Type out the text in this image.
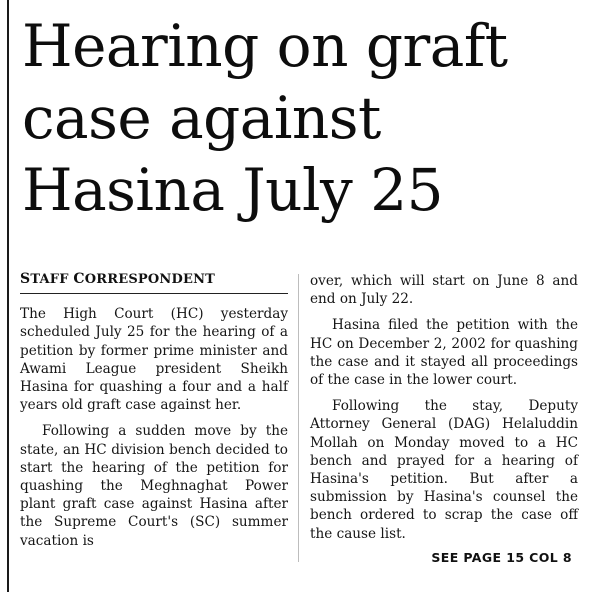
Hearing on graft
case against
Hasina July 25
STAFF CORRESPONDENT

The High Court (HC) yesterday scheduled July 25 for the hearing of a petition by former prime minister and Awami League president Sheikh Hasina for quashing a four and a half years old graft case against her.

Following a sudden move by the state, an HC division bench decided to start the hearing of the petition for quashing the Meghnaghat Power plant graft case against Hasina after the Supreme Court's (SC) summer vacation is

over, which will start on June 8 and end on July 22.

Hasina filed the petition with the HC on December 2, 2002 for quashing the case and it stayed all proceedings of the case in the lower court.

Following the stay, Deputy Attorney General (DAG) Helaluddin Mollah on Monday moved to a HC bench and prayed for a hearing of Hasina's petition. But after a submission by Hasina's counsel the bench ordered to scrap the case off the cause list.

SEE PAGE 15 COL 8
